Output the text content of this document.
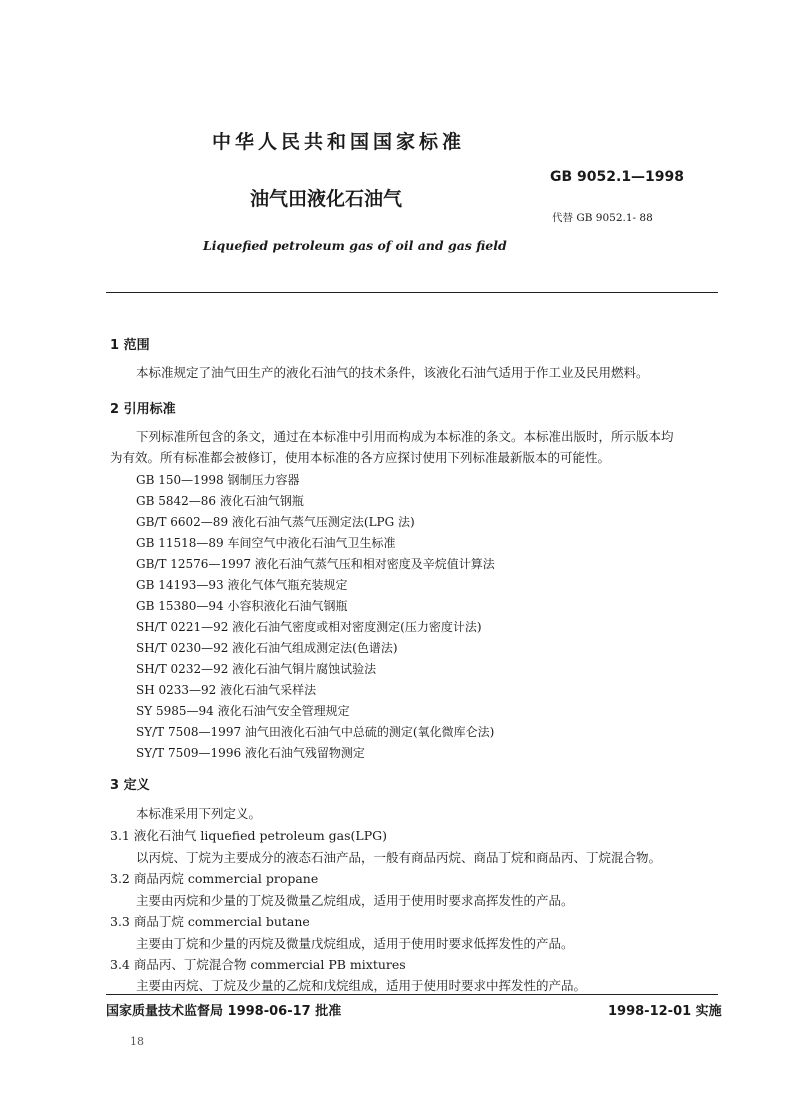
中华人民共和国国家标准
GB 9052.1—1998
油气田液化石油气
代替 GB 9052.1- 88
Liquefied petroleum gas of oil and gas field
1 范围
本标准规定了油气田生产的液化石油气的技术条件，该液化石油气适用于作工业及民用燃料。
2 引用标准
下列标准所包含的条文，通过在本标准中引用而构成为本标准的条文。本标准出版时，所示版本均
为有效。所有标准都会被修订，使用本标准的各方应探讨使用下列标准最新版本的可能性。
GB 150—1998 钢制压力容器
GB 5842—86 液化石油气钢瓶
GB/T 6602—89 液化石油气蒸气压测定法(LPG 法)
GB 11518—89 车间空气中液化石油气卫生标准
GB/T 12576—1997 液化石油气蒸气压和相对密度及辛烷值计算法
GB 14193—93 液化气体气瓶充装规定
GB 15380—94 小容积液化石油气钢瓶
SH/T 0221—92 液化石油气密度或相对密度测定(压力密度计法)
SH/T 0230—92 液化石油气组成测定法(色谱法)
SH/T 0232—92 液化石油气铜片腐蚀试验法
SH 0233—92 液化石油气采样法
SY 5985—94 液化石油气安全管理规定
SY/T 7508—1997 油气田液化石油气中总硫的测定(氧化微库仑法)
SY/T 7509—1996 液化石油气残留物测定
3 定义
本标准采用下列定义。
3.1 液化石油气 liquefied petroleum gas(LPG)
以丙烷、丁烷为主要成分的液态石油产品，一般有商品丙烷、商品丁烷和商品丙、丁烷混合物。
3.2 商品丙烷 commercial propane
主要由丙烷和少量的丁烷及微量乙烷组成，适用于使用时要求高挥发性的产品。
3.3 商品丁烷 commercial butane
主要由丁烷和少量的丙烷及微量戊烷组成，适用于使用时要求低挥发性的产品。
3.4 商品丙、丁烷混合物 commercial PB mixtures
主要由丙烷、丁烷及少量的乙烷和戊烷组成，适用于使用时要求中挥发性的产品。
国家质量技术监督局 1998-06-17 批准	1998-12-01 实施
18
